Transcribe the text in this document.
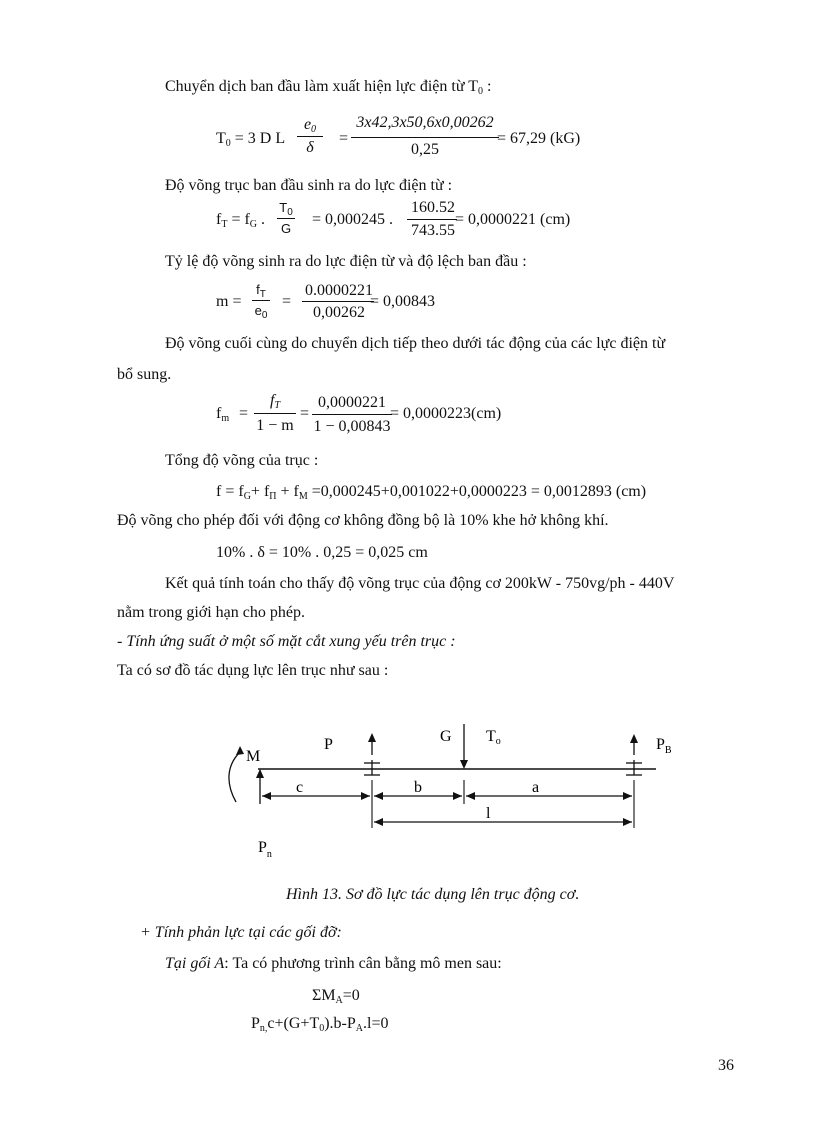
Chuyển dịch ban đầu làm xuất hiện lực điện từ $T_0$ :
$T_0 = 3$ D L
$e_0$
δ
=
3x42,3x50,6x0,00262
0,25
= 67,29 (kG)
Độ võng trục ban đầu sinh ra do lực điện từ :
$f_T = f_G$ .
$T_0$
G
= 0,000245 .
160.52
743.55
= 0,0000221 (cm)
Tỷ lệ độ võng sinh ra do lực điện từ và độ lệch ban đầu :
m =
$f_T$
$e_0$
=
0.0000221
0,00262
= 0,00843
Độ võng cuối cùng do chuyển dịch tiếp theo dưới tác động của các lực điện từ
bổ sung.
$f_m$ =
$f_T$
1 − m
=
0,0000221
1 − 0,00843
= 0,0000223(cm)
Tổng độ võng của trục :
$f = f_G+ f_\Pi + f_M =0,000245+0,001022+0,0000223 = 0,0012893$ (cm)
Độ võng cho phép đối với động cơ không đồng bộ là 10% khe hở không khí.
10% . δ = 10% . 0,25 = 0,025 cm
Kết quả tính toán cho thấy độ võng trục của động cơ 200kW - 750vg/ph - 440V
nằm trong giới hạn cho phép.
- Tính ứng suất ở một số mặt cắt xung yếu trên trục :
Ta có sơ đồ tác dụng lực lên trục như sau :
M
$P_n$
P	G To	$P_B$
c	b	a
l
Hình 13. Sơ đồ lực tác dụng lên trục động cơ.
+ Tính phản lực tại các gối đỡ:
Tại gối A: Ta có phương trình cân bằng mô men sau:
$\Sigma M_A=0$
$P_{n,}c+(G+T_0).b-P_A.l=0$
36
